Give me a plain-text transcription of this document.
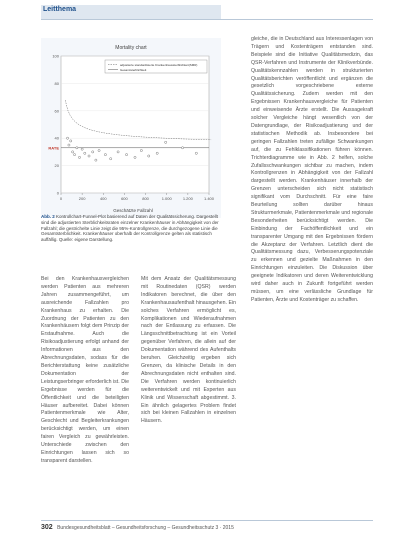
Leitthema
Mortality chart
0
20
40
60
80
100
0	200	400	600	800	1.000	1.200	1.400
RATE
adjustierte standardisierte Krankenhaussterblichkeit(SMR)
Gesamtsterblichkeit
Geschätzte Fallzahl
Abb. 2 Kontrollchart-Funnel-Plot basierend auf Daten der Qualitätssicherung. Dargestellt sind die adjustierten Sterblichkeitsraten einzelner Krankenhäuser in Abhängigkeit von der Fallzahl; die gestrichelte Linie zeigt die 95%-Kontrollgrenze, die durchgezogene Linie die Gesamtsterblichkeit. Krankenhäuser oberhalb der Kontrollgrenze gelten als statistisch auffällig. Quelle: eigene Darstellung.
Bei den Krankenhausvergleichen werden Patienten aus mehreren Jahren zusammengeführt, um ausreichende Fallzahlen pro Krankenhaus zu erhalten. Die Zuordnung der Patienten zu den Krankenhäusern folgt dem Prinzip der Erstaufnahme. Auch die Risikoadjustierung erfolgt anhand der Informationen aus den Abrechnungsdaten, sodass für die Berichterstattung keine zusätzliche Dokumentation der Leistungserbringer erforderlich ist. Die Ergebnisse werden für die Öffentlichkeit und die beteiligten Häuser aufbereitet. Dabei können Patientenmerkmale wie Alter, Geschlecht und Begleiterkrankungen berücksichtigt werden, um einen fairen Vergleich zu gewährleisten. Unterschiede zwischen den Einrichtungen lassen sich so transparent darstellen.
Mit dem Ansatz der Qualitätsmessung mit Routinedaten (QSR) werden Indikatoren berechnet, die über den Krankenhausaufenthalt hinausgehen. Ein solches Verfahren ermöglicht es, Komplikationen und Wiederaufnahmen nach der Entlassung zu erfassen. Die Längsschnittbetrachtung ist ein Vorteil gegenüber Verfahren, die allein auf der Dokumentation während des Aufenthalts beruhen. Gleichzeitig ergeben sich Grenzen, da klinische Details in den Abrechnungsdaten nicht enthalten sind. Die Verfahren werden kontinuierlich weiterentwickelt und mit Experten aus Klinik und Wissenschaft abgestimmt. 3. Ein ähnlich gelagertes Problem findet sich bei kleinen Fallzahlen in einzelnen Häusern.
gleiche, die in Deutschland aus Interessenlagen von Trägern und Kostenträgern entstanden sind. Beispiele sind die Initiative Qualitätsmedizin, das QSR-Verfahren und Instrumente der Klinikverbünde. Qualitätskennzahlen werden in strukturierten Qualitätsberichten veröffentlicht und ergänzen die gesetzlich vorgeschriebene externe Qualitätssicherung. Zudem werden mit den Ergebnissen Krankenhausvergleiche für Patienten und einweisende Ärzte erstellt. Die Aussagekraft solcher Vergleiche hängt wesentlich von der Datengrundlage, der Risikoadjustierung und der statistischen Methodik ab. Insbesondere bei geringen Fallzahlen treten zufällige Schwankungen auf, die zu Fehlklassifikationen führen können. Trichterdiagramme wie in Abb. 2 helfen, solche Zufallsschwankungen sichtbar zu machen, indem Kontrollgrenzen in Abhängigkeit von der Fallzahl dargestellt werden. Krankenhäuser innerhalb der Grenzen unterscheiden sich nicht statistisch signifikant vom Durchschnitt. Für eine faire Beurteilung sollten darüber hinaus Strukturmerkmale, Patientenmerkmale und regionale Besonderheiten berücksichtigt werden. Die Einbindung der Fachöffentlichkeit und ein transparenter Umgang mit den Ergebnissen fördern die Akzeptanz der Verfahren. Letztlich dient die Qualitätsmessung dazu, Verbesserungspotenziale zu erkennen und gezielte Maßnahmen in den Einrichtungen einzuleiten. Die Diskussion über geeignete Indikatoren und deren Weiterentwicklung wird daher auch in Zukunft fortgeführt werden müssen, um eine verlässliche Grundlage für Patienten, Ärzte und Kostenträger zu schaffen.
302 Bundesgesundheitsblatt – Gesundheitsforschung – Gesundheitsschutz 3 · 2015
